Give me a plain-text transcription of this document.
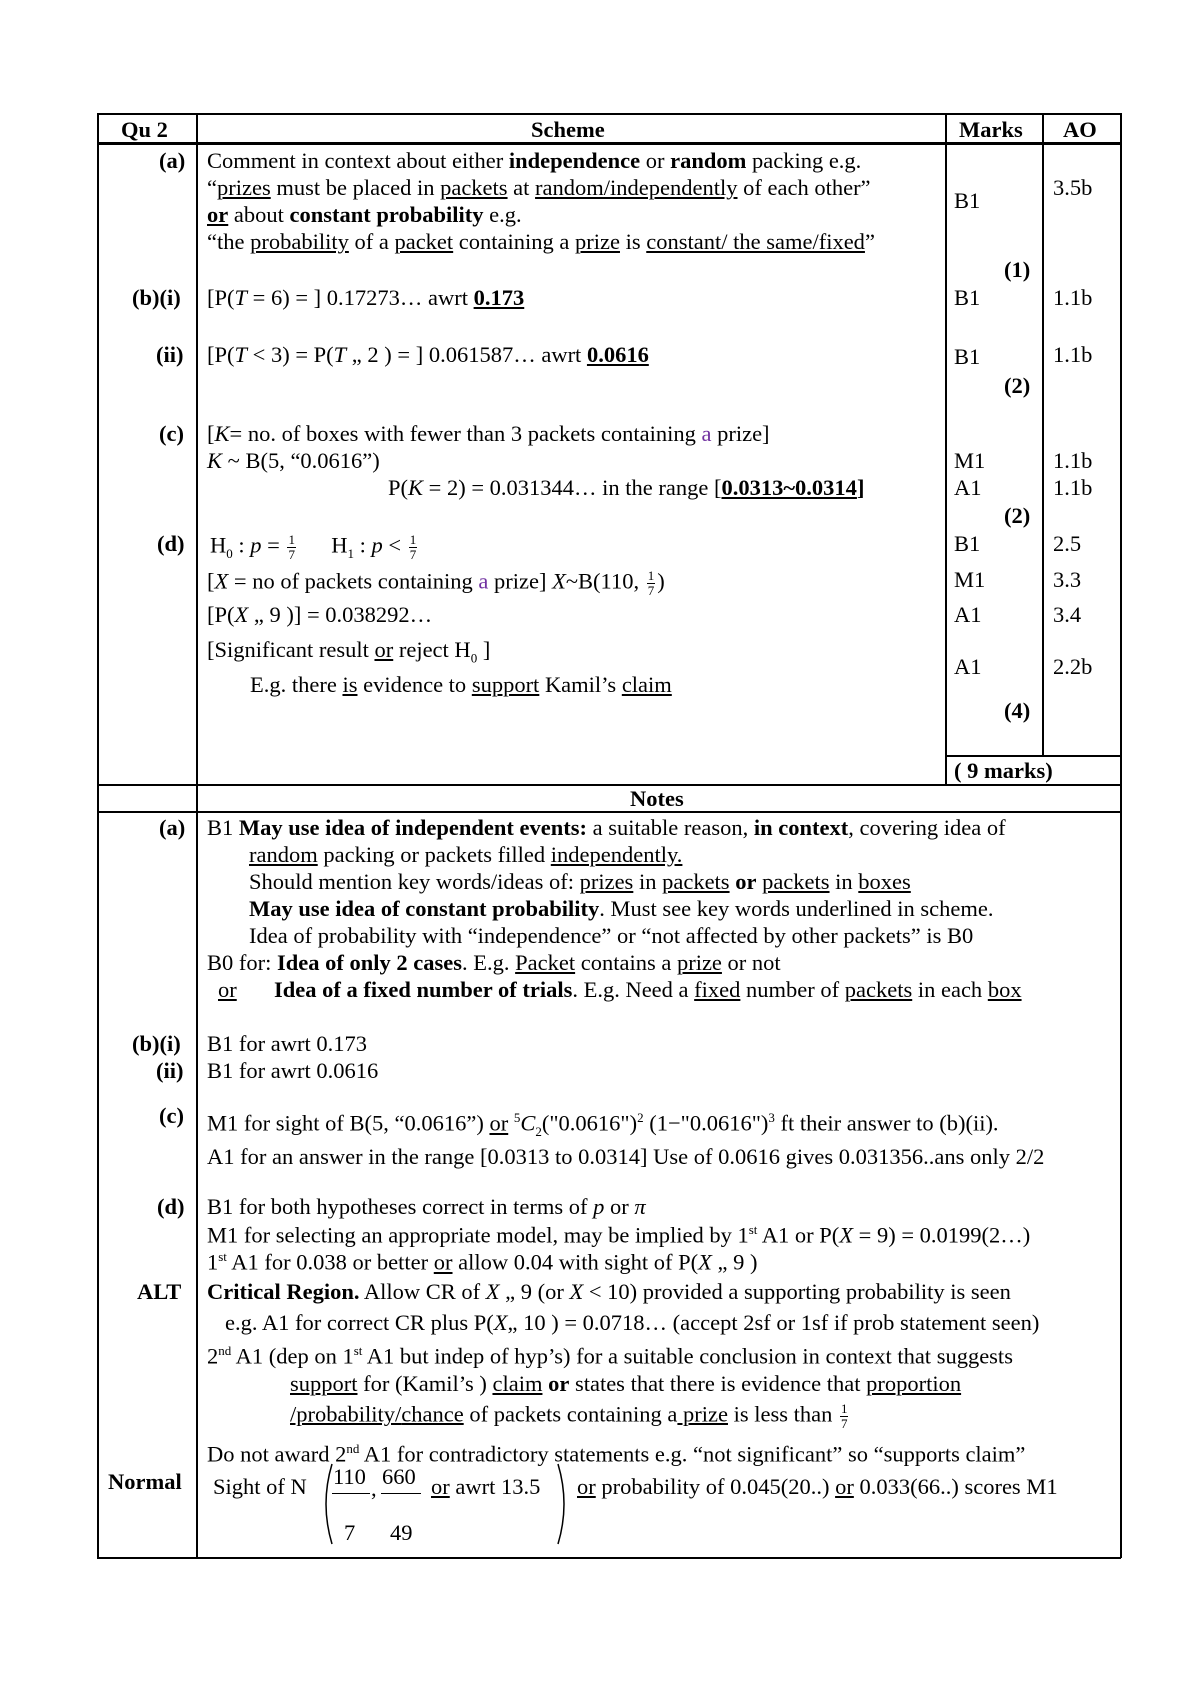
Qu 2	Scheme	Marks AO
(a)
(b)(i)
(ii)
(c)
(d)
Comment in context about either independence or random packing e.g.
“prizes must be placed in packets at random/independently of each other”
or about constant probability e.g.
“the probability of a packet containing a prize is constant/ the same/fixed”
[P(T = 6) = ] 0.17273… awrt 0.173
[P(T < 3) = P(T „ 2 ) = ] 0.061587… awrt 0.0616
[K= no. of boxes with fewer than 3 packets containing a prize]
K ~ B(5, “0.0616”)
P(K = 2) = 0.031344… in the range [0.0313~0.0314]
$H_0$ : $p = \frac{1}{7} H_1$ : $p < \frac{1}{7}$
[X = no of packets containing a prize] X~B(110, $\frac{1}{7}$ )
[P(X „ 9 )] = 0.038292…
[Significant result or reject $H_0$ ]
E.g. there is evidence to support Kamil’s claim
B1
(1)
B1
B1
(2)
M1
A1
(2)
B1
M1
A1
A1
(4)
( 9 marks)
3.5b
1.1b
1.1b
1.1b
1.1b
2.5
3.3
3.4
2.2b
Notes
(a)
(b)(i)
(ii)
(c)
(d)
ALT
Normal
B1 May use idea of independent events: a suitable reason, in context, covering idea of
random packing or packets filled independently.
Should mention key words/ideas of: prizes in packets or packets in boxes
May use idea of constant probability. Must see key words underlined in scheme.
Idea of probability with “independence” or “not affected by other packets” is B0
B0 for: Idea of only 2 cases. E.g. Packet contains a prize or not
or Idea of a fixed number of trials. E.g. Need a fixed number of packets in each box
B1 for awrt 0.173
B1 for awrt 0.0616
M1 for sight of B(5, “0.0616”) or $^5C_2("0.0616")^2$ (1−"0.0616")$^3$ ft their answer to (b)(ii).
A1 for an answer in the range [0.0313 to 0.0314] Use of 0.0616 gives 0.031356..ans only 2/2
B1 for both hypotheses correct in terms of p or π
M1 for selecting an appropriate model, may be implied by 1st A1 or P(X = 9) = 0.0199(2…)
1st A1 for 0.038 or better or allow 0.04 with sight of P(X „ 9 )
Critical Region. Allow CR of X „ 9 (or X < 10) provided a supporting probability is seen
e.g. A1 for correct CR plus P(X„ 10 ) = 0.0718… (accept 2sf or 1sf if prob statement seen)
2nd A1 (dep on 1st A1 but indep of hyp’s) for a suitable conclusion in context that suggests
support for (Kamil’s ) claim or states that there is evidence that proportion
/probability/chance of packets containing a prize is less than $\frac{1}{7}$
Do not award 2nd A1 for contradictory statements e.g. “not significant” so “supports claim”
Sight of N 110
7
, 660
49
or awrt 13.5 or probability of 0.045(20..) or 0.033(66..) scores M1
